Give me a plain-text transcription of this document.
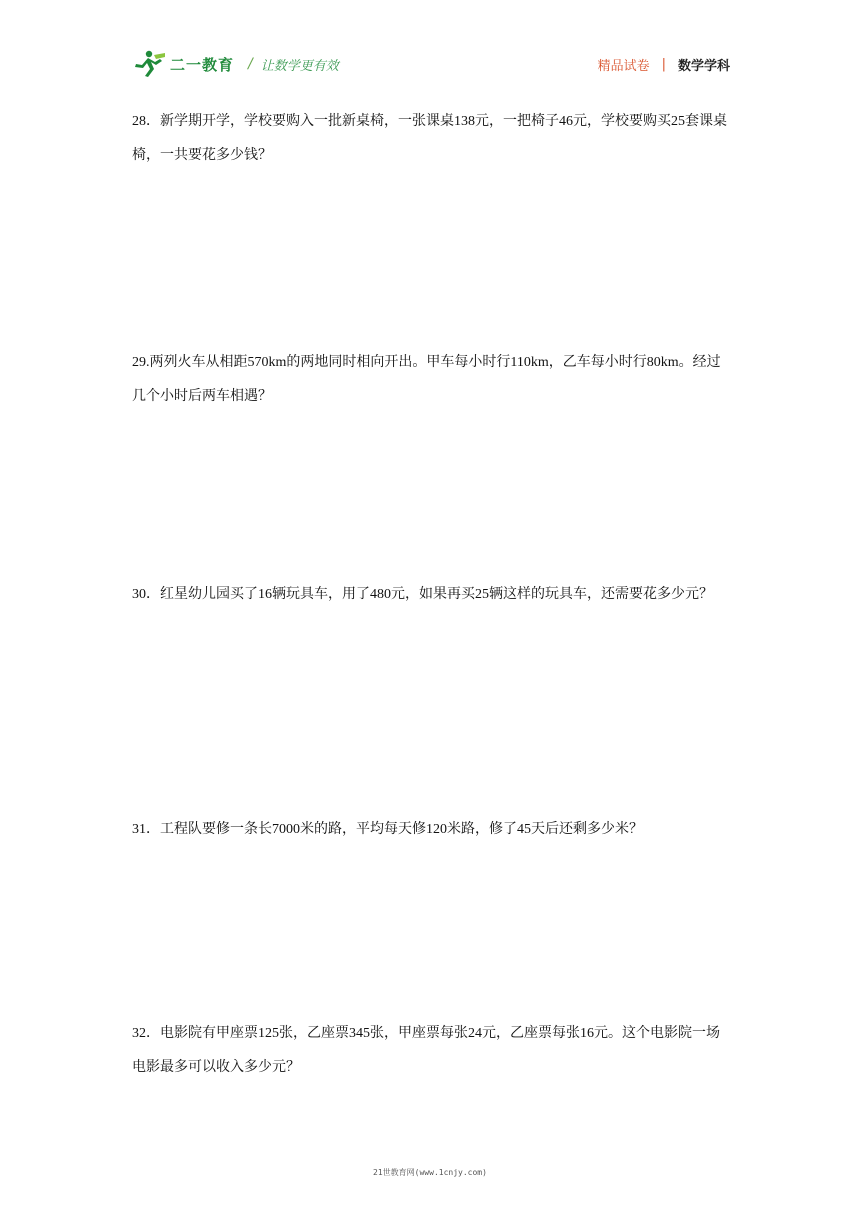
二一教育 / 让数学更有效	精品试卷 | 数学学科
28．新学期开学，学校要购入一批新桌椅，一张课桌138元，一把椅子46元，学校要购买25套课桌椅，一共要花多少钱？
29.两列火车从相距570km的两地同时相向开出。甲车每小时行110km，乙车每小时行80km。经过几个小时后两车相遇？
30．红星幼儿园买了16辆玩具车，用了480元，如果再买25辆这样的玩具车，还需要花多少元？
31．工程队要修一条长7000米的路，平均每天修120米路，修了45天后还剩多少米？
32．电影院有甲座票125张，乙座票345张，甲座票每张24元，乙座票每张16元。这个电影院一场电影最多可以收入多少元？
21世教育网(www.1cnjy.com)
